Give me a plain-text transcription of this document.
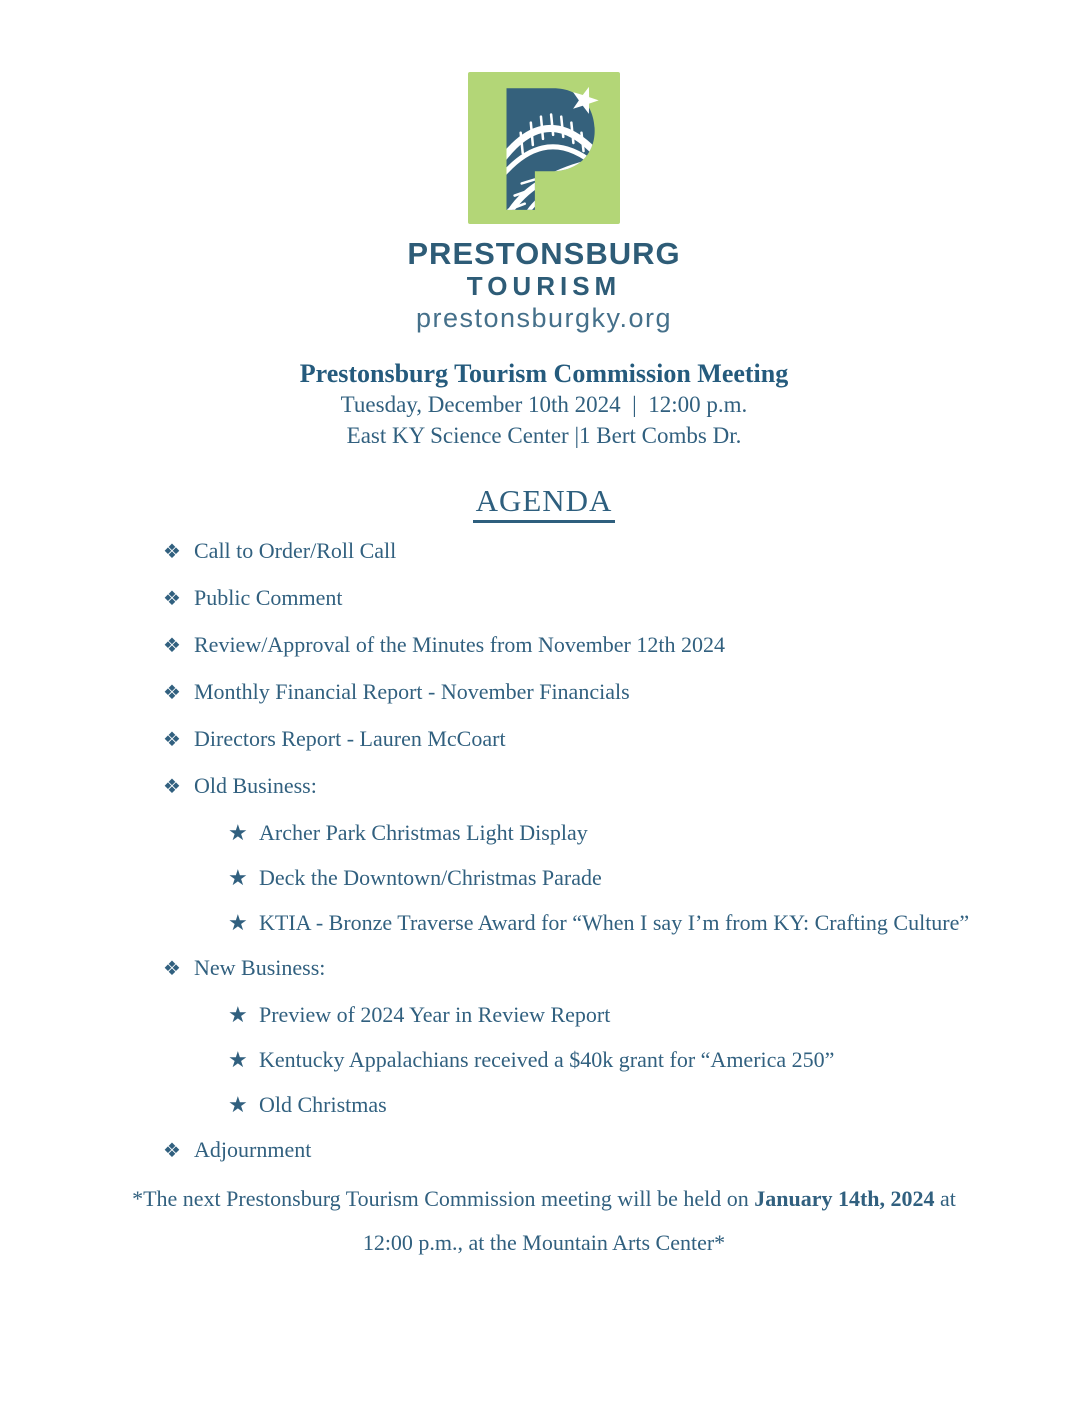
PRESTONSBURG
TOURISM
prestonsburgky.org
Prestonsburg Tourism Commission Meeting
Tuesday, December 10th 2024 | 12:00 p.m.
East KY Science Center |1 Bert Combs Dr.
AGENDA
❖ Call to Order/Roll Call
❖ Public Comment
❖ Review/Approval of the Minutes from November 12th 2024
❖ Monthly Financial Report - November Financials
❖ Directors Report - Lauren McCoart
❖ Old Business:
★ Archer Park Christmas Light Display
★ Deck the Downtown/Christmas Parade
★ KTIA - Bronze Traverse Award for “When I say I’m from KY: Crafting Culture”
❖ New Business:
★ Preview of 2024 Year in Review Report
★ Kentucky Appalachians received a $40k grant for “America 250”
★ Old Christmas
❖ Adjournment
*The next Prestonsburg Tourism Commission meeting will be held on January 14th, 2024 at
12:00 p.m., at the Mountain Arts Center*
